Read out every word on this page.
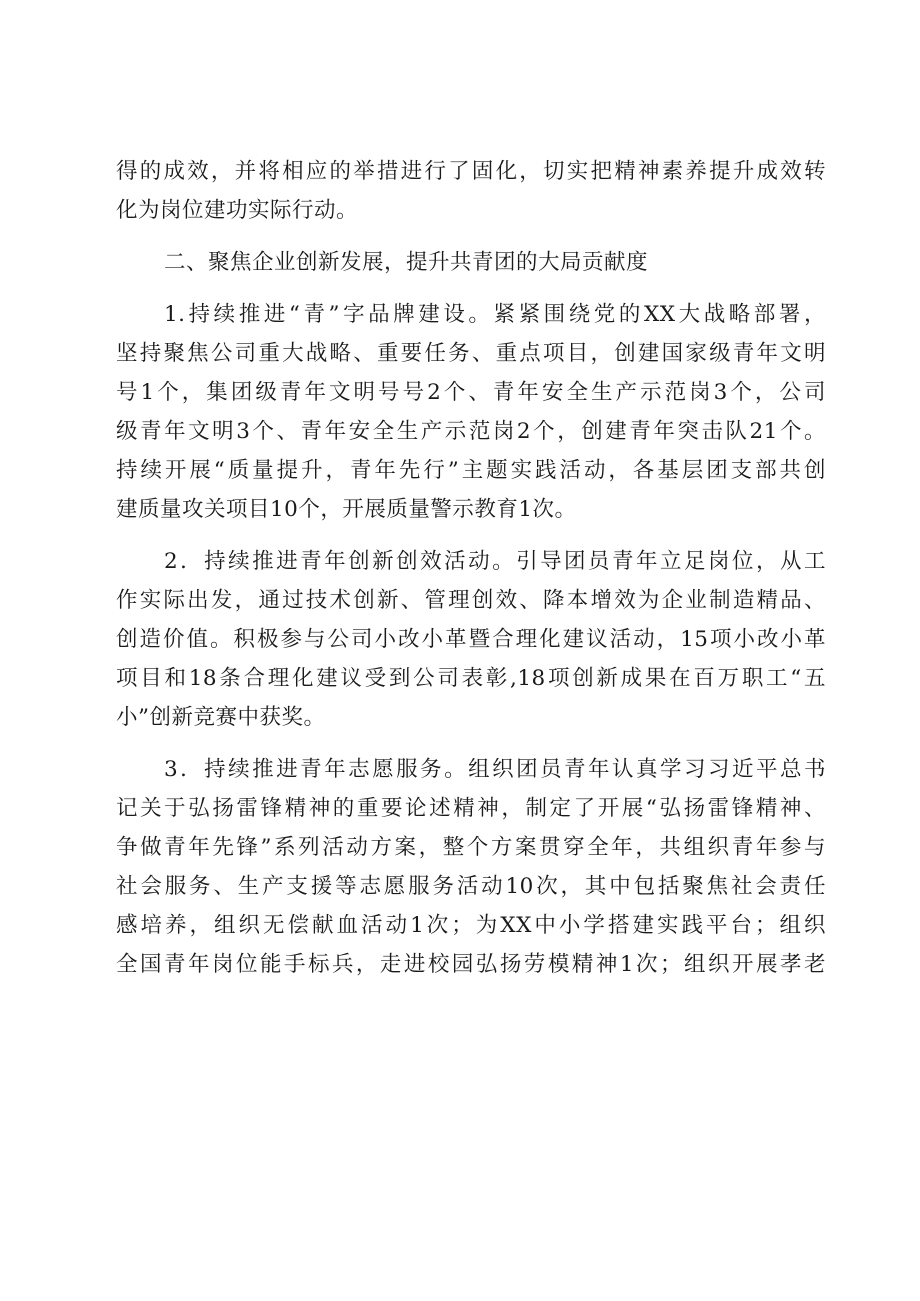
得的成效，并将相应的举措进行了固化，切实把精神素养提升成效转
化为岗位建功实际行动。
二、聚焦企业创新发展，提升共青团的大局贡献度
1.持续推进“青”字品牌建设。紧紧围绕党的XX大战略部署，
坚持聚焦公司重大战略、重要任务、重点项目，创建国家级青年文明
号1个，集团级青年文明号号2个、青年安全生产示范岗3个，公司
级青年文明3个、青年安全生产示范岗2个，创建青年突击队21个。
持续开展“质量提升，青年先行”主题实践活动，各基层团支部共创
建质量攻关项目10个，开展质量警示教育1次。
2．持续推进青年创新创效活动。引导团员青年立足岗位，从工
作实际出发，通过技术创新、管理创效、降本增效为企业制造精品、
创造价值。积极参与公司小改小革暨合理化建议活动，15项小改小革
项目和18条合理化建议受到公司表彰,18项创新成果在百万职工“五
小”创新竞赛中获奖。
3．持续推进青年志愿服务。组织团员青年认真学习习近平总书
记关于弘扬雷锋精神的重要论述精神，制定了开展“弘扬雷锋精神、
争做青年先锋”系列活动方案，整个方案贯穿全年，共组织青年参与
社会服务、生产支援等志愿服务活动10次，其中包括聚焦社会责任
感培养，组织无偿献血活动1次；为XX中小学搭建实践平台；组织
全国青年岗位能手标兵，走进校园弘扬劳模精神1次；组织开展孝老
